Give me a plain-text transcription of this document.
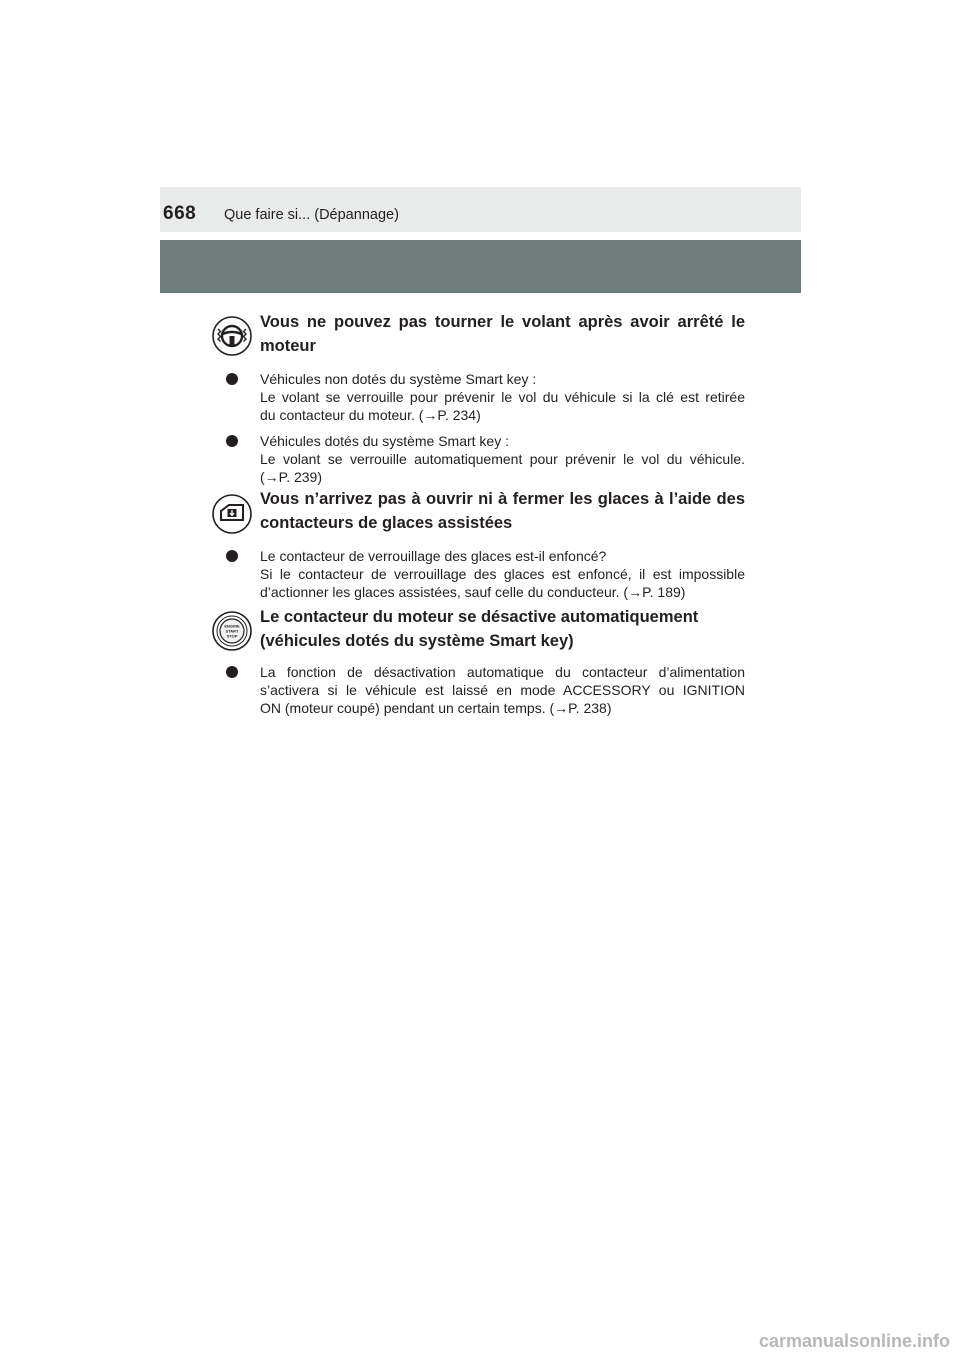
668 Que faire si... (Dépannage)
Vous ne pouvez pas tourner le volant après avoir arrêté le
moteur
Véhicules non dotés du système Smart key :
Le volant se verrouille pour prévenir le vol du véhicule si la clé est retirée
du contacteur du moteur. (→P. 234)
Véhicules dotés du système Smart key :
Le volant se verrouille automatiquement pour prévenir le vol du véhicule.
(→P. 239)
Vous n’arrivez pas à ouvrir ni à fermer les glaces à l’aide des
contacteurs de glaces assistées
Le contacteur de verrouillage des glaces est-il enfoncé?
Si le contacteur de verrouillage des glaces est enfoncé, il est impossible
d’actionner les glaces assistées, sauf celle du conducteur. (→P. 189)
ENGINE
START
STOP
Le contacteur du moteur se désactive automatiquement
(véhicules dotés du système Smart key)
La fonction de désactivation automatique du contacteur d’alimentation
s’activera si le véhicule est laissé en mode ACCESSORY ou IGNITION
ON (moteur coupé) pendant un certain temps. (→P. 238)
carmanualsonline.info
